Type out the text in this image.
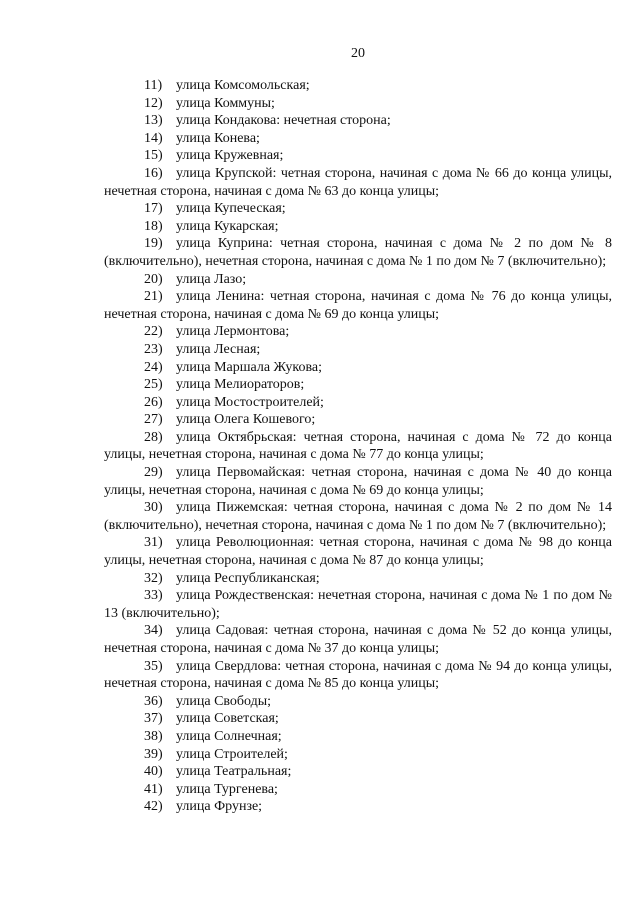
20

11) улица Комсомольская;

12) улица Коммуны;

13) улица Кондакова: нечетная сторона;

14) улица Конева;

15) улица Кружевная;

16) улица Крупской: четная сторона, начиная с дома № 66 до конца улицы, нечетная сторона, начиная с дома № 63 до конца улицы;

17) улица Купеческая;

18) улица Кукарская;

19) улица Куприна: четная сторона, начиная с дома № 2 по дом № 8 (включительно), нечетная сторона, начиная с дома № 1 по дом № 7 (включительно);

20) улица Лазо;

21) улица Ленина: четная сторона, начиная с дома № 76 до конца улицы, нечетная сторона, начиная с дома № 69 до конца улицы;

22) улица Лермонтова;

23) улица Лесная;

24) улица Маршала Жукова;

25) улица Мелиораторов;

26) улица Мостостроителей;

27) улица Олега Кошевого;

28) улица Октябрьская: четная сторона, начиная с дома № 72 до конца улицы, нечетная сторона, начиная с дома № 77 до конца улицы;

29) улица Первомайская: четная сторона, начиная с дома № 40 до конца улицы, нечетная сторона, начиная с дома № 69 до конца улицы;

30) улица Пижемская: четная сторона, начиная с дома № 2 по дом № 14 (включительно), нечетная сторона, начиная с дома № 1 по дом № 7 (включительно);

31) улица Революционная: четная сторона, начиная с дома № 98 до конца улицы, нечетная сторона, начиная с дома № 87 до конца улицы;

32) улица Республиканская;

33) улица Рождественская: нечетная сторона, начиная с дома № 1 по дом № 13 (включительно);

34) улица Садовая: четная сторона, начиная с дома № 52 до конца улицы, нечетная сторона, начиная с дома № 37 до конца улицы;

35) улица Свердлова: четная сторона, начиная с дома № 94 до конца улицы, нечетная сторона, начиная с дома № 85 до конца улицы;

36) улица Свободы;

37) улица Советская;

38) улица Солнечная;

39) улица Строителей;

40) улица Театральная;

41) улица Тургенева;

42) улица Фрунзе;
